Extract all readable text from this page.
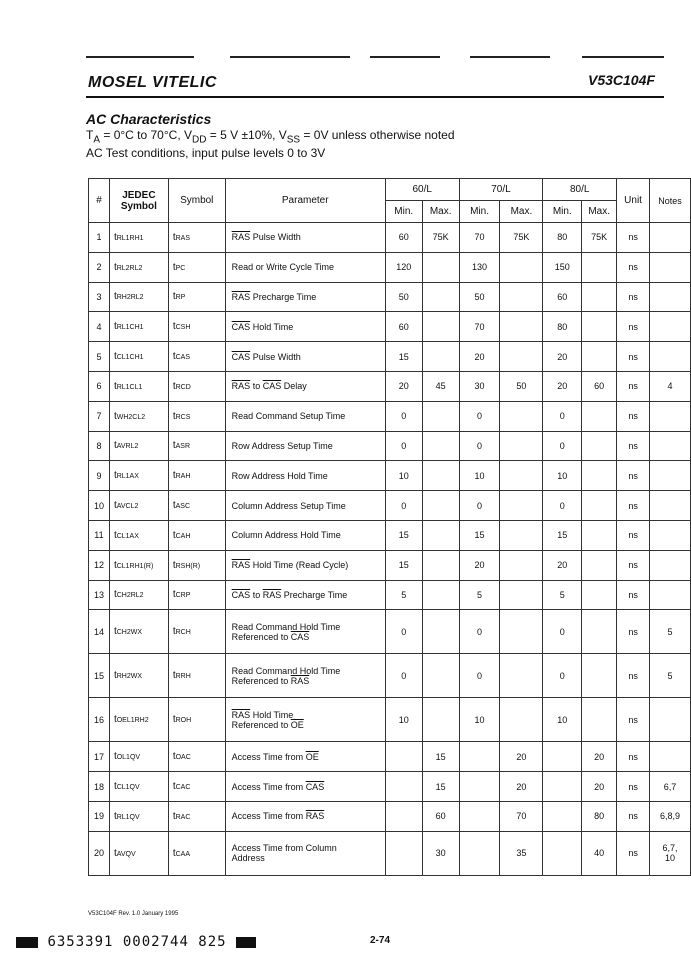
MOSEL VITELIC	V53C104F
AC Characteristics
$T_A = 0^\circ C$ to 70°C, $V_{DD} = 5$ V ±10%, $V_{SS} = 0V$ unless otherwise noted
AC Test conditions, input pulse levels 0 to 3V
#	JEDEC Symbol	Symbol	Parameter	60/L		70/L		80/L		Unit	Notes
				Min.	Max.	Min.	Max.	Min.	Max.		
1	tRL1RH1	tRAS	$\overline{RAS}$ Pulse Width	60	75K	70	75K	80	75K	ns	
2	tRL2RL2	tPC	Read or Write Cycle Time	120		130		150		ns	
3	tRH2RL2	tRP	$\overline{RAS}$ Precharge Time	50		50		60		ns	
4	tRL1CH1	tCSH	$\overline{CAS}$ Hold Time	60		70		80		ns	
5	tCL1CH1	tCAS	$\overline{CAS}$ Pulse Width	15		20		20		ns	
6	tRL1CL1	tRCD	$\overline{RAS}$ to $\overline{CAS}$ Delay	20	45	30	50	20	60	ns	4
7	tWH2CL2	tRCS	Read Command Setup Time	0		0		0		ns	
8	tAVRL2	tASR	Row Address Setup Time	0		0		0		ns	
9	tRL1AX	tRAH	Row Address Hold Time	10		10		10		ns	
10	tAVCL2	tASC	Column Address Setup Time	0		0		0		ns	
11	tCL1AX	tCAH	Column Address Hold Time	15		15		15		ns	
12	tCL1RH1(R)	tRSH(R)	$\overline{RAS}$ Hold Time (Read Cycle)	15		20		20		ns	
13	tCH2RL2	tCRP	$\overline{CAS}$ to $\overline{RAS}$ Precharge Time	5		5		5		ns	
14	tCH2WX	tRCH	Read Command Hold Time
Referenced to $\overline{CAS}$	0		0		0		ns	5
15	tRH2WX	tRRH	Read Command Hold Time
Referenced to $\overline{RAS}$	0		0		0		ns	5
16	tOEL1RH2	tROH	$\overline{RAS}$ Hold Time
Referenced to $\overline{OE}$	10		10		10		ns	
17	tOL1QV	tOAC	Access Time from $\overline{OE}$		15		20		20	ns	
18	tCL1QV	tCAC	Access Time from $\overline{CAS}$		15		20		20	ns	6,7
19	tRL1QV	tRAC	Access Time from $\overline{RAS}$		60		70		80	ns	6,8,9
20	tAVQV	tCAA	Access Time from Column
Address		30		35		40	ns	6,7,
10
V53C104F Rev. 1.0 January 1995
6353391 0002744 825	2-74
